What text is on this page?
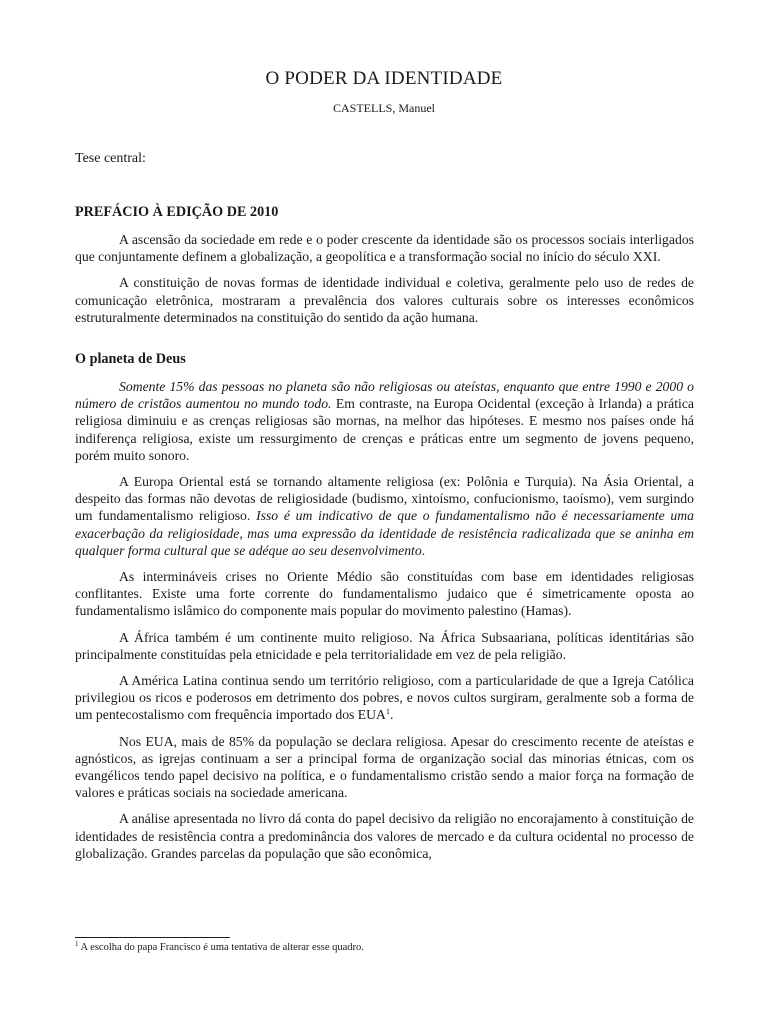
O PODER DA IDENTIDADE
CASTELLS, Manuel
Tese central:
PREFÁCIO À EDIÇÃO DE 2010

A ascensão da sociedade em rede e o poder crescente da identidade são os processos sociais interligados que conjuntamente definem a globalização, a geopolítica e a transformação social no início do século XXI.

A constituição de novas formas de identidade individual e coletiva, geralmente pelo uso de redes de comunicação eletrônica, mostraram a prevalência dos valores culturais sobre os interesses econômicos estruturalmente determinados na constituição do sentido da ação humana.

O planeta de Deus

Somente 15% das pessoas no planeta são não religiosas ou ateístas, enquanto que entre 1990 e 2000 o número de cristãos aumentou no mundo todo. Em contraste, na Europa Ocidental (exceção à Irlanda) a prática religiosa diminuiu e as crenças religiosas são mornas, na melhor das hipóteses. E mesmo nos países onde há indiferença religiosa, existe um ressurgimento de crenças e práticas entre um segmento de jovens pequeno, porém muito sonoro.

A Europa Oriental está se tornando altamente religiosa (ex: Polônia e Turquia). Na Ásia Oriental, a despeito das formas não devotas de religiosidade (budismo, xintoísmo, confucionismo, taoísmo), vem surgindo um fundamentalismo religioso. Isso é um indicativo de que o fundamentalismo não é necessariamente uma exacerbação da religiosidade, mas uma expressão da identidade de resistência radicalizada que se aninha em qualquer forma cultural que se adéque ao seu desenvolvimento.

As intermináveis crises no Oriente Médio são constituídas com base em identidades religiosas conflitantes. Existe uma forte corrente do fundamentalismo judaico que é simetricamente oposta ao fundamentalismo islâmico do componente mais popular do movimento palestino (Hamas).

A África também é um continente muito religioso. Na África Subsaariana, políticas identitárias são principalmente constituídas pela etnicidade e pela territorialidade em vez de pela religião.

A América Latina continua sendo um território religioso, com a particularidade de que a Igreja Católica privilegiou os ricos e poderosos em detrimento dos pobres, e novos cultos surgiram, geralmente sob a forma de um pentecostalismo com frequência importado dos EUA$^1$.

Nos EUA, mais de 85% da população se declara religiosa. Apesar do crescimento recente de ateístas e agnósticos, as igrejas continuam a ser a principal forma de organização social das minorias étnicas, com os evangélicos tendo papel decisivo na política, e o fundamentalismo cristão sendo a maior força na formação de valores e práticas sociais na sociedade americana.

A análise apresentada no livro dá conta do papel decisivo da religião no encorajamento à constituição de identidades de resistência contra a predominância dos valores de mercado e da cultura ocidental no processo de globalização. Grandes parcelas da população que são econômica,

$^1$ A escolha do papa Francisco é uma tentativa de alterar esse quadro.
